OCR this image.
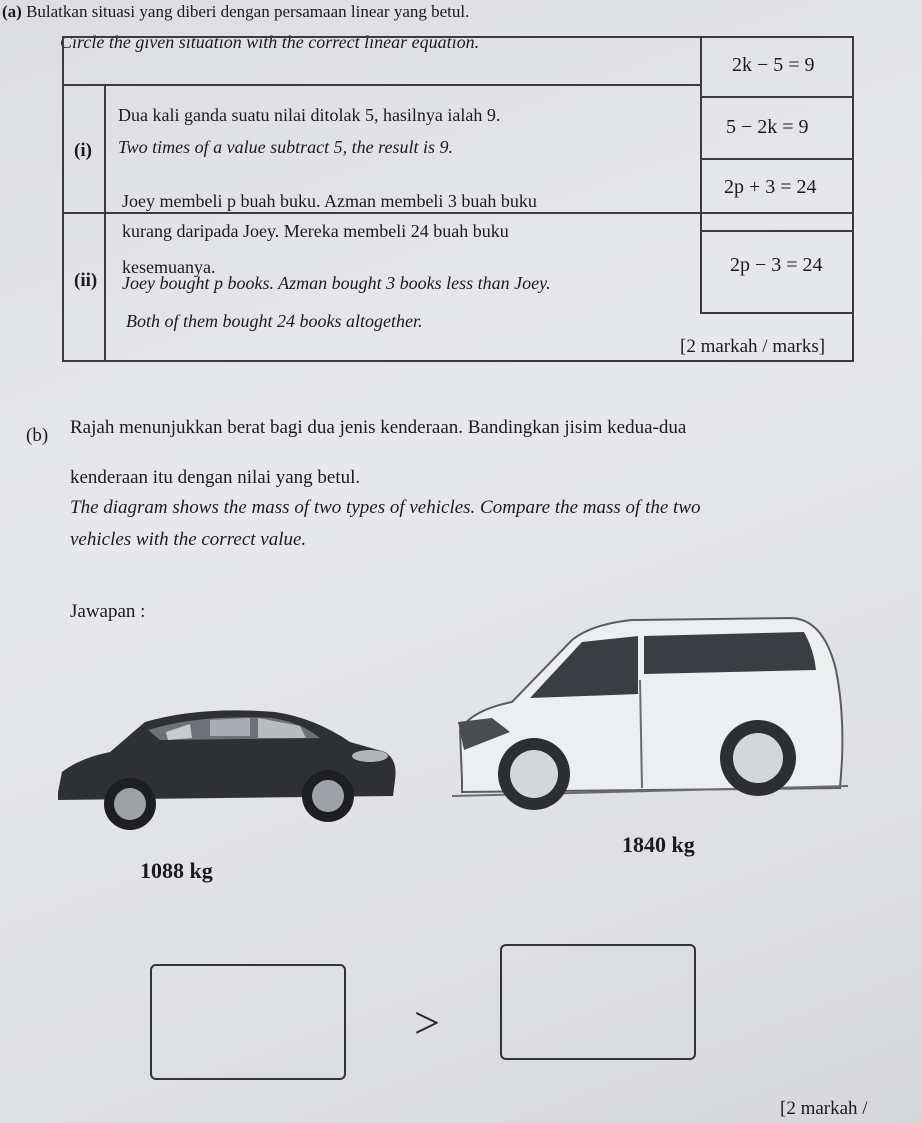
(a) Bulatkan situasi yang diberi dengan persamaan linear yang betul.
Circle the given situation with the correct linear equation.
(i)
Dua kali ganda suatu nilai ditolak 5, hasilnya ialah 9.
Two times of a value subtract 5, the result is 9.
2k − 5 = 9
5 − 2k = 9
(ii)
Joey membeli p buah buku. Azman membeli 3 buah buku
kurang daripada Joey. Mereka membeli 24 buah buku
kesemuanya.
Joey bought p books. Azman bought 3 books less than Joey.
Both of them bought 24 books altogether.
2p + 3 = 24
2p − 3 = 24
[2 markah / marks]
(b) Rajah menunjukkan berat bagi dua jenis kenderaan. Bandingkan jisim kedua-dua
kenderaan itu dengan nilai yang betul.
The diagram shows the mass of two types of vehicles. Compare the mass of the two
vehicles with the correct value.
Jawapan :
1088 kg
1840 kg
>
[2 markah /
